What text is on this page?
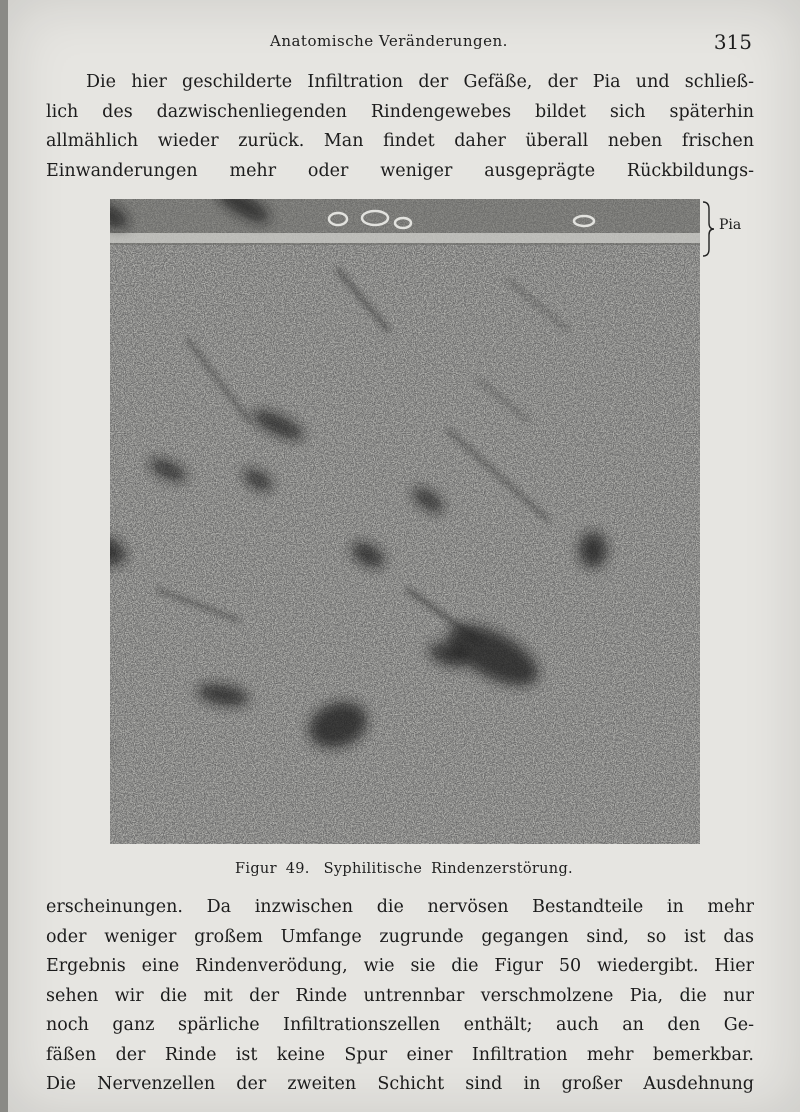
Anatomische Veränderungen.	315
Die hier geschilderte Infiltration der Gefäße, der Pia und schließ-
lich des dazwischenliegenden Rindengewebes bildet sich späterhin
allmählich wieder zurück. Man findet daher überall neben frischen
Einwanderungen mehr oder weniger ausgeprägte Rückbildungs-
Pia
Figur 49. Syphilitische Rindenzerstörung.
erscheinungen. Da inzwischen die nervösen Bestandteile in mehr
oder weniger großem Umfange zugrunde gegangen sind, so ist das
Ergebnis eine Rindenverödung, wie sie die Figur 50 wiedergibt. Hier
sehen wir die mit der Rinde untrennbar verschmolzene Pia, die nur
noch ganz spärliche Infiltrationszellen enthält; auch an den Ge-
fäßen der Rinde ist keine Spur einer Infiltration mehr bemerkbar.
Die Nervenzellen der zweiten Schicht sind in großer Ausdehnung
